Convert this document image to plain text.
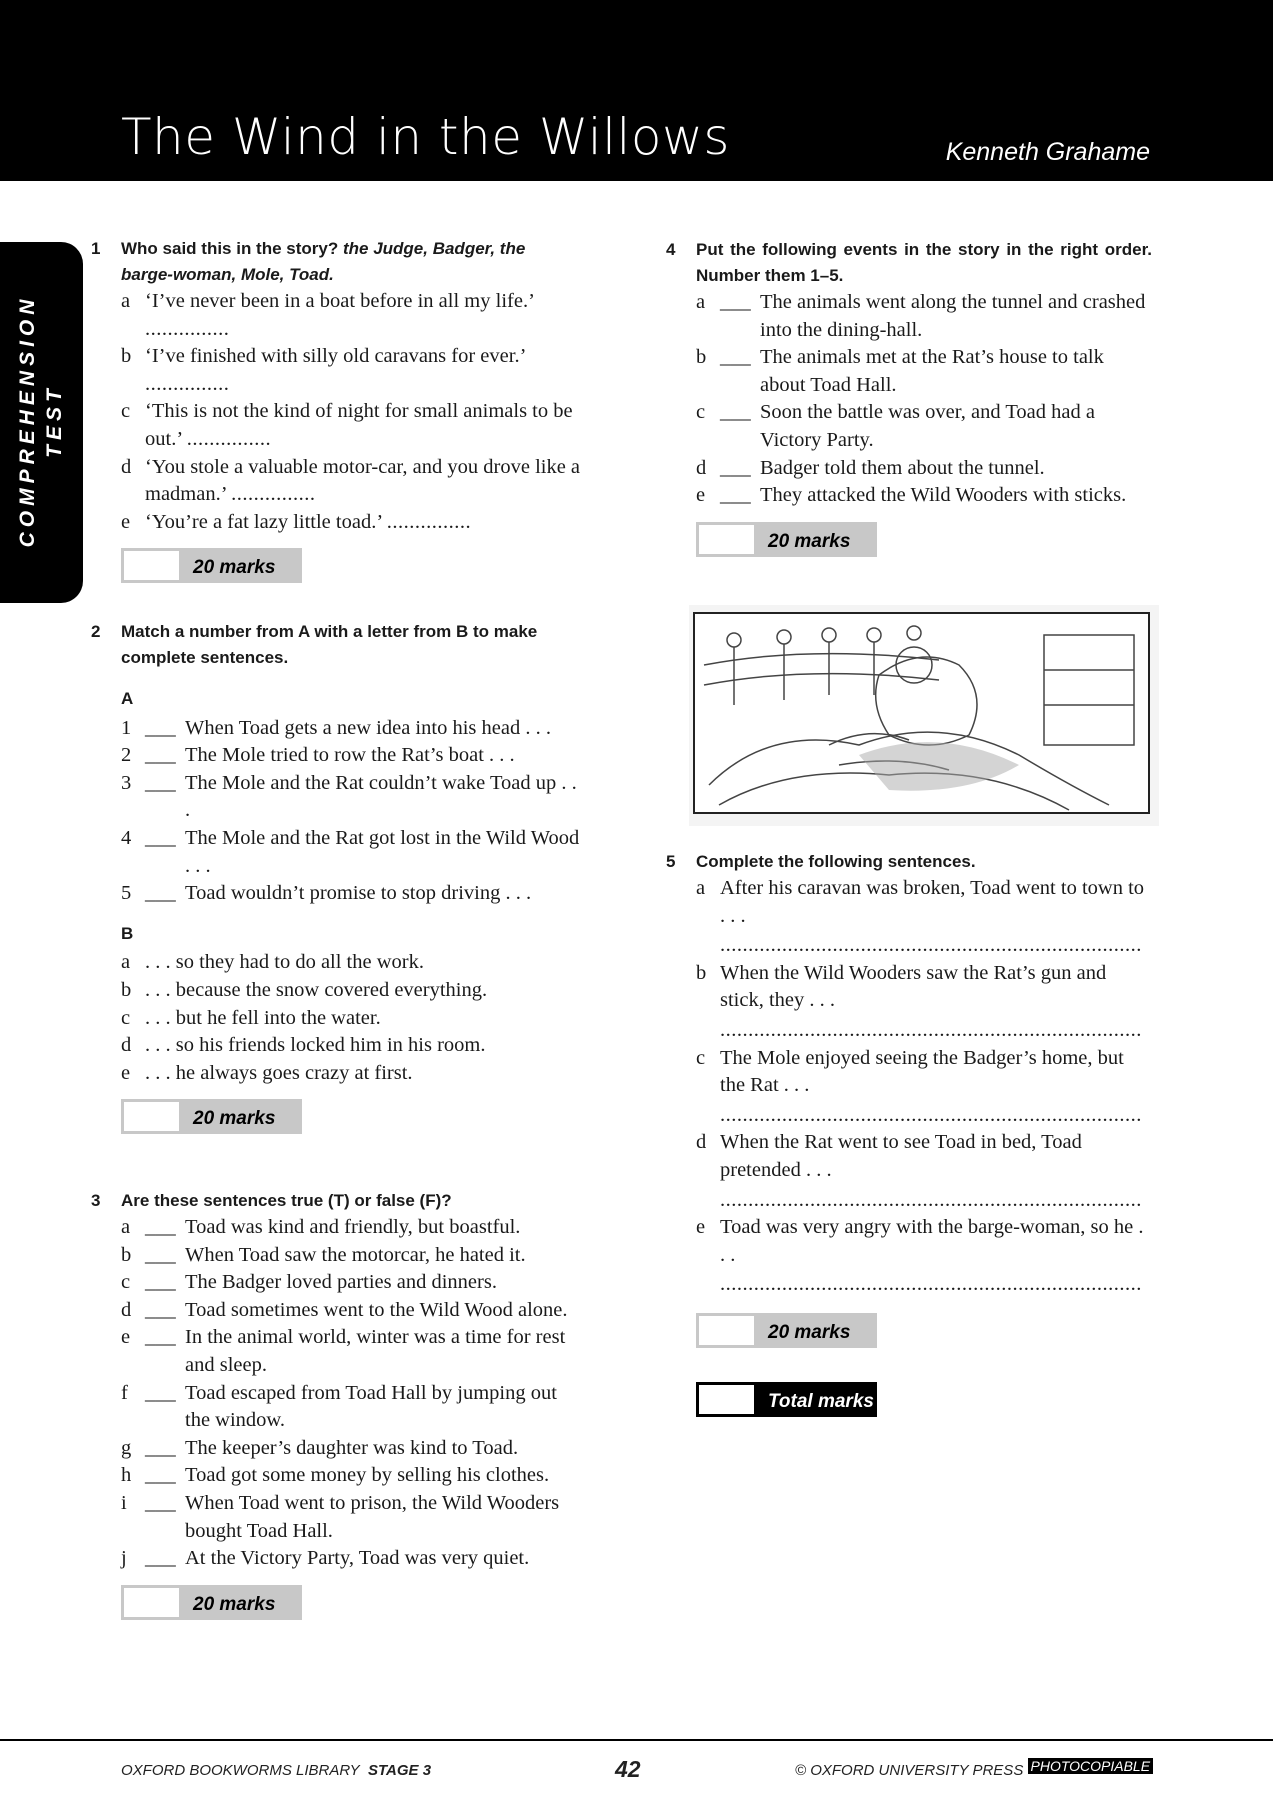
The Wind in the Willows	Kenneth Grahame
COMPREHENSION TEST
1 Who said this in the story? the Judge, Badger, the barge-woman, Mole, Toad.
a ‘I’ve never been in a boat before in all my life.’
...............
b ‘I’ve finished with silly old caravans for ever.’
...............
c ‘This is not the kind of night for small animals to be out.’ ...............
d ‘You stole a valuable motor-car, and you drove like a madman.’ ...............
e ‘You’re a fat lazy little toad.’ ...............
20 marks
2 Match a number from A with a letter from B to make complete sentences.
A
1 ___ When Toad gets a new idea into his head . . .
2 ___ The Mole tried to row the Rat’s boat . . .
3 ___ The Mole and the Rat couldn’t wake Toad up . . .
4 ___ The Mole and the Rat got lost in the Wild Wood . . .
5 ___ Toad wouldn’t promise to stop driving . . .
B
a . . . so they had to do all the work.
b . . . because the snow covered everything.
c . . . but he fell into the water.
d . . . so his friends locked him in his room.
e . . . he always goes crazy at first.
20 marks
3 Are these sentences true (T) or false (F)?
a ___ Toad was kind and friendly, but boastful.
b ___ When Toad saw the motorcar, he hated it.
c ___ The Badger loved parties and dinners.
d ___ Toad sometimes went to the Wild Wood alone.
e ___ In the animal world, winter was a time for rest and sleep.
f ___ Toad escaped from Toad Hall by jumping out the window.
g ___ The keeper’s daughter was kind to Toad.
h ___ Toad got some money by selling his clothes.
i ___ When Toad went to prison, the Wild Wooders bought Toad Hall.
j ___ At the Victory Party, Toad was very quiet.
20 marks
4 Put the following events in the story in the right order. Number them 1–5.
a ___ The animals went along the tunnel and crashed into the dining-hall.
b ___ The animals met at the Rat’s house to talk about Toad Hall.
c ___ Soon the battle was over, and Toad had a Victory Party.
d ___ Badger told them about the tunnel.
e ___ They attacked the Wild Wooders with sticks.
20 marks
5 Complete the following sentences.
a After his caravan was broken, Toad went to town to . . .
...........................................................................
b When the Wild Wooders saw the Rat’s gun and stick, they . . .
...........................................................................
c The Mole enjoyed seeing the Badger’s home, but the Rat . . .
...........................................................................
d When the Rat went to see Toad in bed, Toad pretended . . .
...........................................................................
e Toad was very angry with the barge-woman, so he . . .
...........................................................................
20 marks
Total marks
OXFORD BOOKWORMS LIBRARY STAGE 3	42	© OXFORD UNIVERSITY PRESS PHOTOCOPIABLE
